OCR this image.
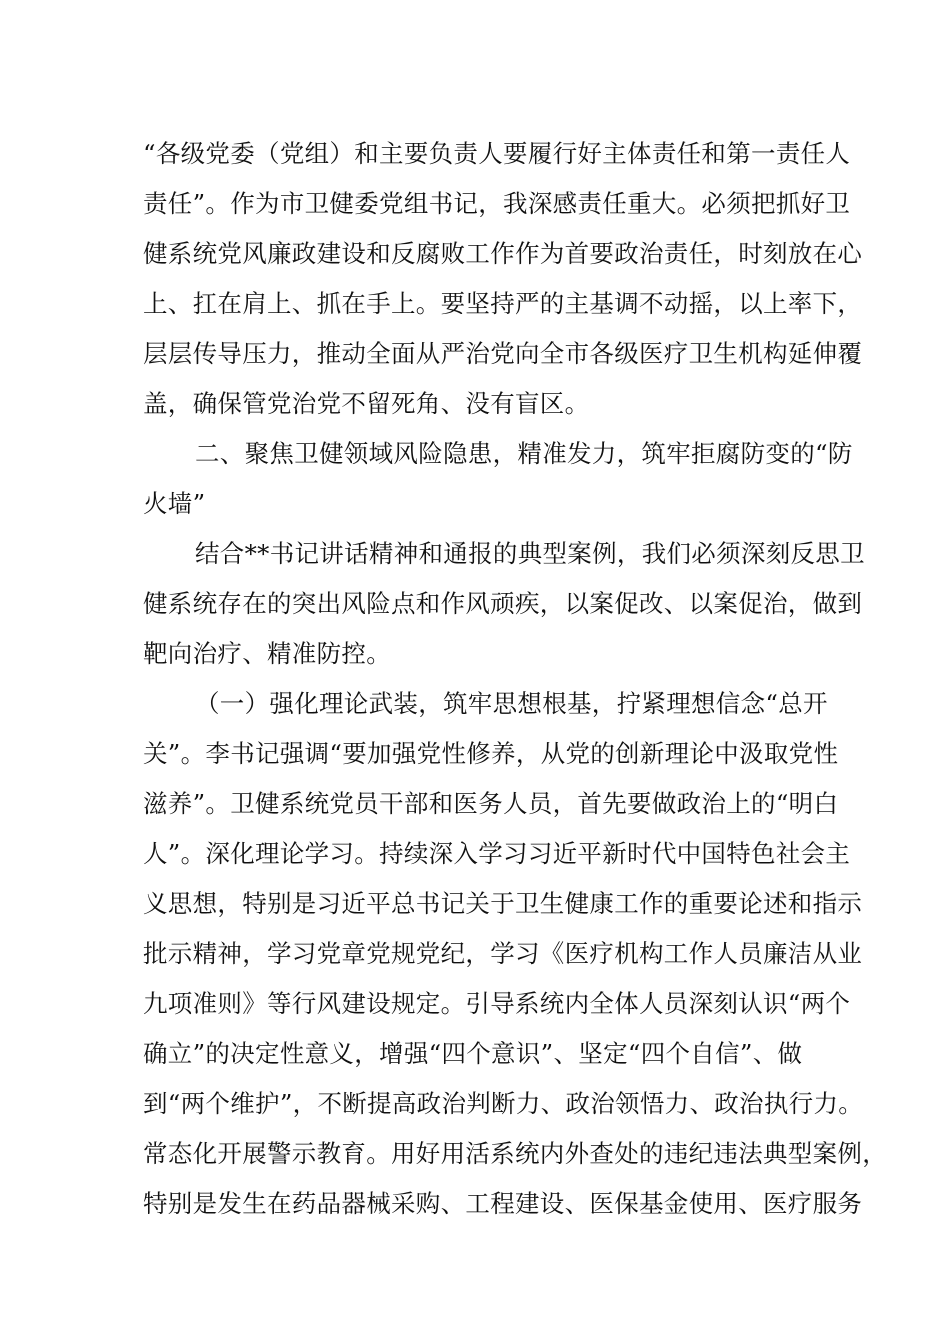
“各级党委（党组）和主要负责人要履行好主体责任和第一责任人
责任”。作为市卫健委党组书记，我深感责任重大。必须把抓好卫
健系统党风廉政建设和反腐败工作作为首要政治责任，时刻放在心
上、扛在肩上、抓在手上。要坚持严的主基调不动摇，以上率下，
层层传导压力，推动全面从严治党向全市各级医疗卫生机构延伸覆
盖，确保管党治党不留死角、没有盲区。
二、聚焦卫健领域风险隐患，精准发力，筑牢拒腐防变的“防
火墙”
结合**书记讲话精神和通报的典型案例，我们必须深刻反思卫
健系统存在的突出风险点和作风顽疾，以案促改、以案促治，做到
靶向治疗、精准防控。
（一）强化理论武装，筑牢思想根基，拧紧理想信念“总开
关”。李书记强调“要加强党性修养，从党的创新理论中汲取党性
滋养”。卫健系统党员干部和医务人员，首先要做政治上的“明白
人”。深化理论学习。持续深入学习习近平新时代中国特色社会主
义思想，特别是习近平总书记关于卫生健康工作的重要论述和指示
批示精神，学习党章党规党纪，学习《医疗机构工作人员廉洁从业
九项准则》等行风建设规定。引导系统内全体人员深刻认识“两个
确立”的决定性意义，增强“四个意识”、坚定“四个自信”、做
到“两个维护”，不断提高政治判断力、政治领悟力、政治执行力。
常态化开展警示教育。用好用活系统内外查处的违纪违法典型案例，
特别是发生在药品器械采购、工程建设、医保基金使用、医疗服务
